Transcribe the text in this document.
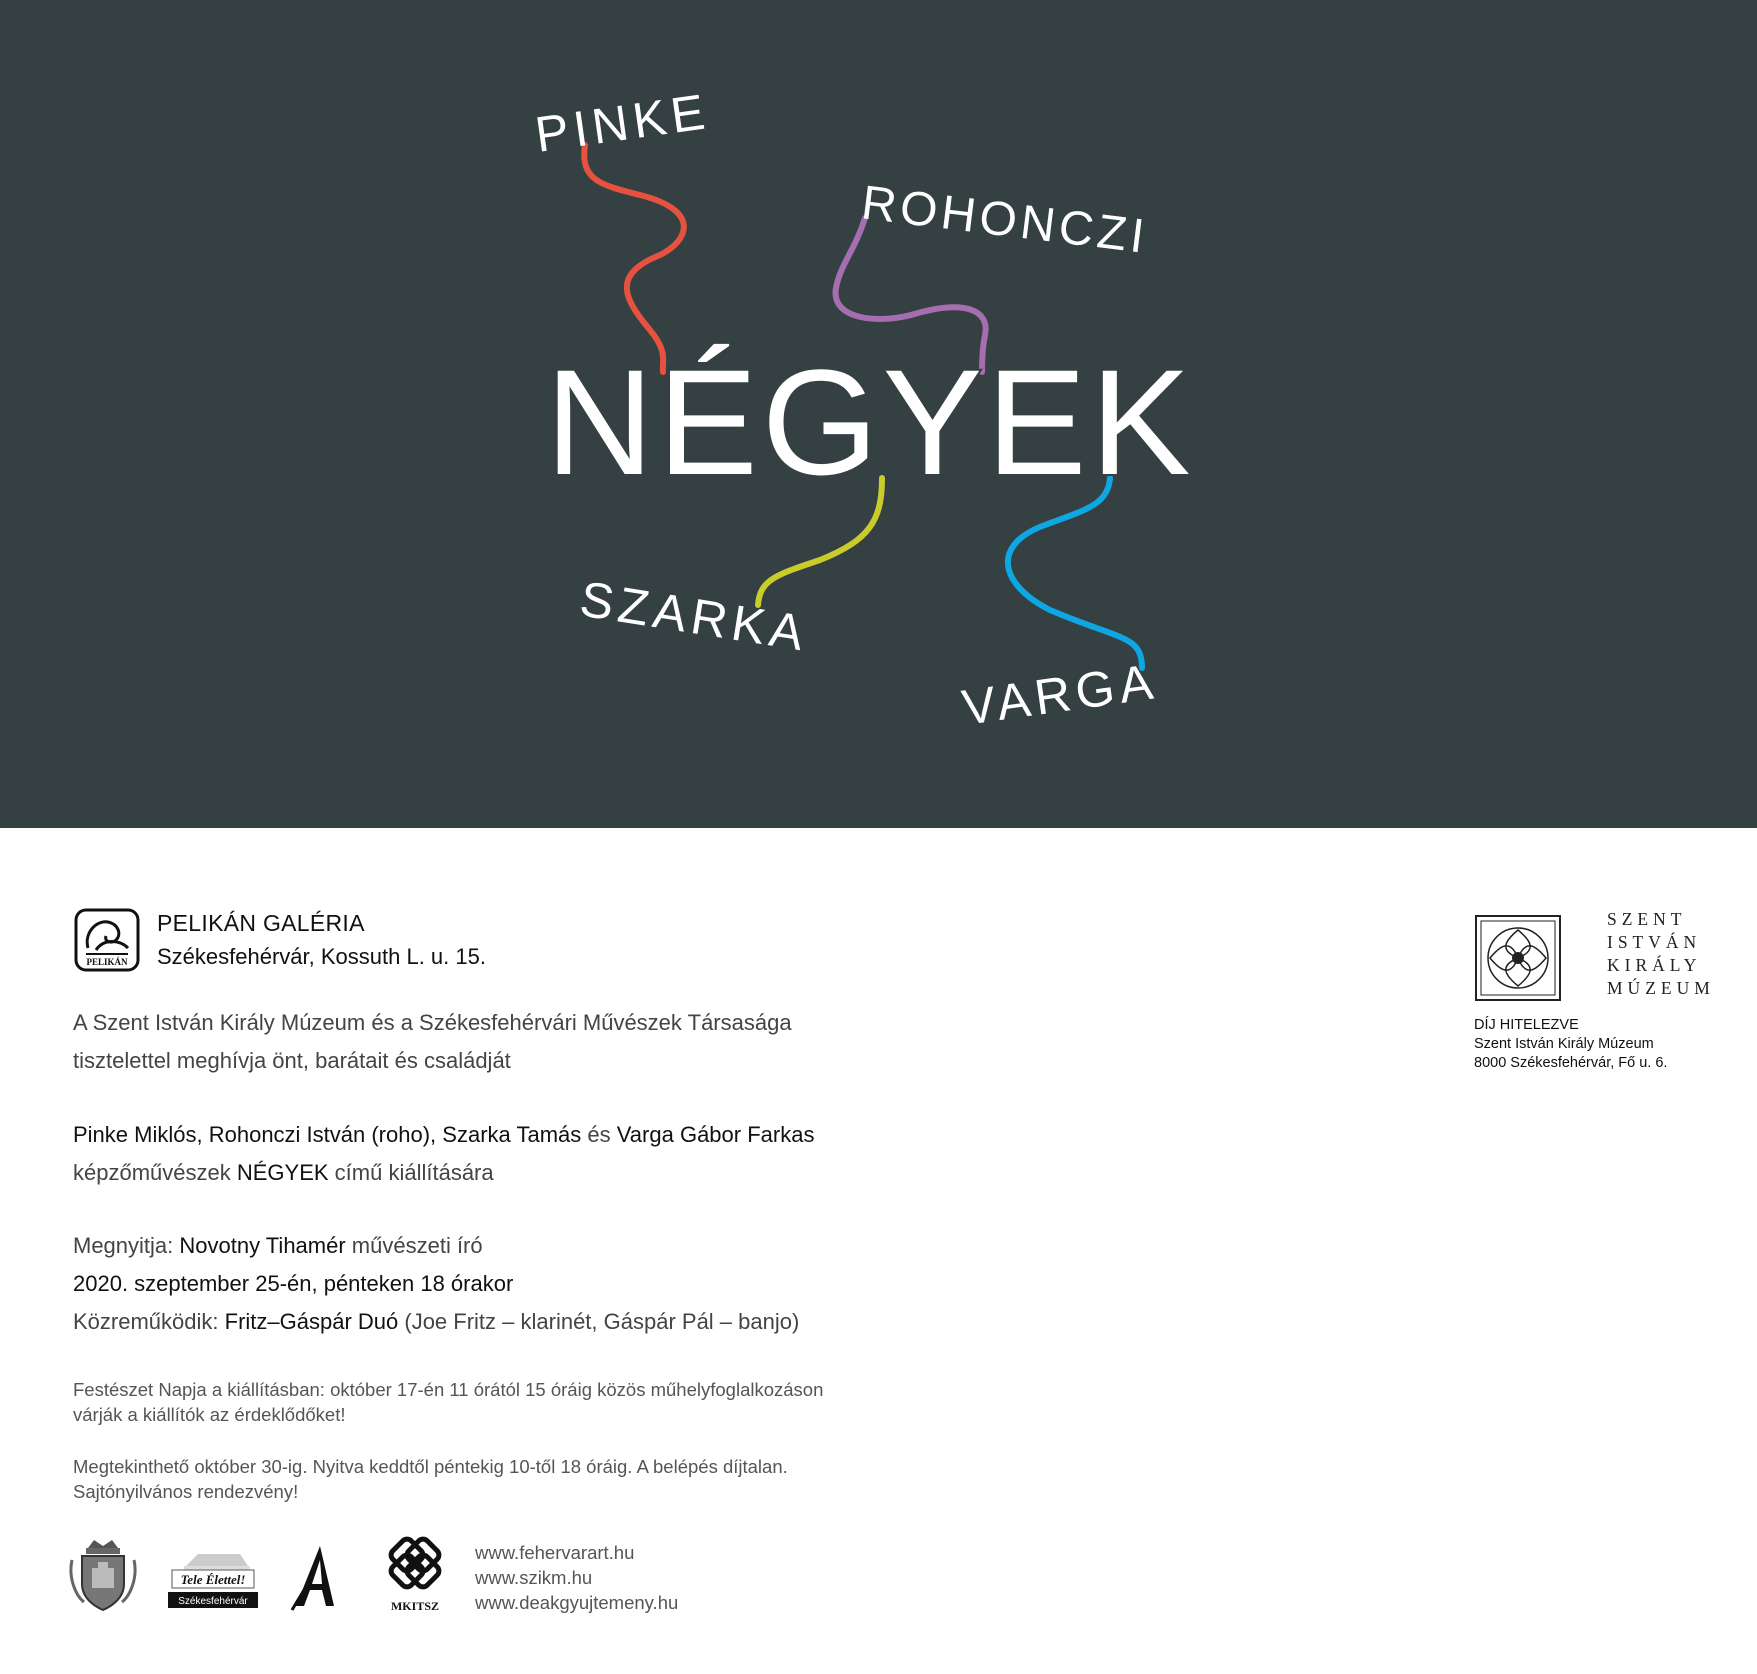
NÉGYEK
PINKE
ROHONCZI
SZARKA
VARGA
PELIKÁN
PELIKÁN GALÉRIA
Székesfehérvár, Kossuth L. u. 15.
A Szent István Király Múzeum és a Székesfehérvári Művészek Társasága
tisztelettel meghívja önt, barátait és családját
Pinke Miklós, Rohonczi István (roho), Szarka Tamás és Varga Gábor Farkas
képzőművészek NÉGYEK című kiállítására
Megnyitja: Novotny Tihamér művészeti író
2020. szeptember 25-én, pénteken 18 órakor
Közreműködik: Fritz–Gáspár Duó (Joe Fritz – klarinét, Gáspár Pál – banjo)
Festészet Napja a kiállításban: október 17-én 11 órától 15 óráig közös műhelyfoglalkozáson
várják a kiállítók az érdeklődőket!
Megtekinthető október 30-ig. Nyitva keddtől péntekig 10-től 18 óráig. A belépés díjtalan.
Sajtónyilvános rendezvény!
Tele Élettel!
Székesfehérvár	MKITSZ
www.fehervarart.hu
www.szikm.hu
www.deakgyujtemeny.hu
SZENT
ISTVÁN
KIRÁLY
MÚZEUM
DÍJ HITELEZVE
Szent István Király Múzeum
8000 Székesfehérvár, Fő u. 6.
